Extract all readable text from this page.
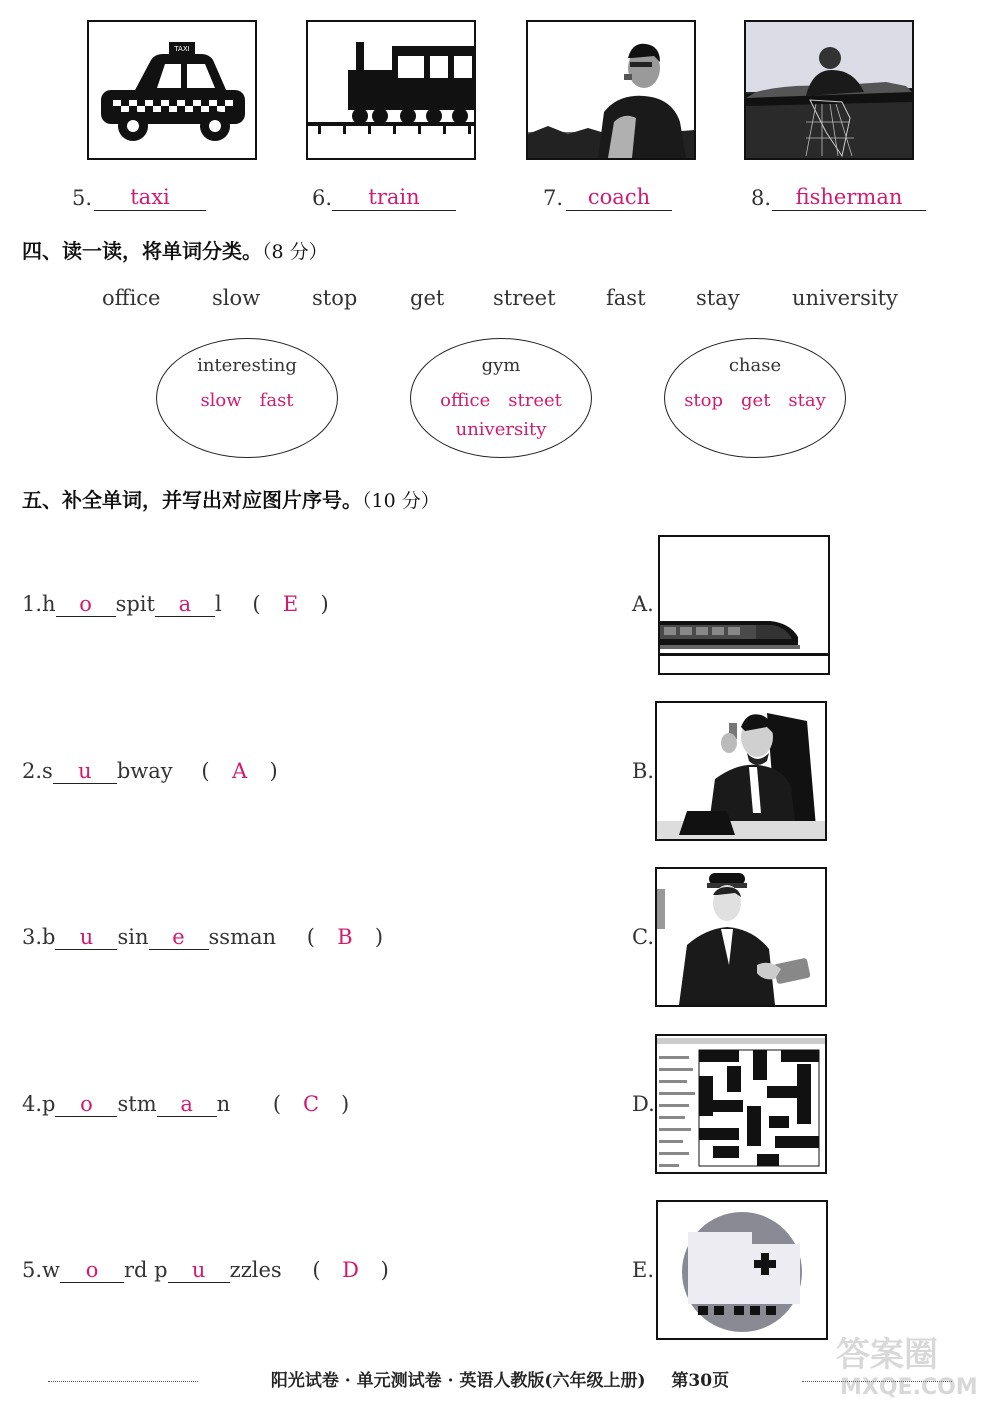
TAXI
5.	taxi	6.	train	7.	coach	8.	fisherman
四、读一读，将单词分类。（8 分）
office slow stop	get street fast stay university
interesting
slow　fast
gym
office　street
university
chase
stop　get　stay
五、补全单词，并写出对应图片序号。（10 分）
1.h o spit a l ( E )
2.s u bway ( A )
3.b u sin e ssman ( B )
4.p o stm a n ( C )
5.w o rd p u zzles ( D )
A.
B.
C.
D.
E.
阳光试卷 · 单元测试卷 · 英语人教版(六年级上册) 第30页
答案圈
MXQE.COM
